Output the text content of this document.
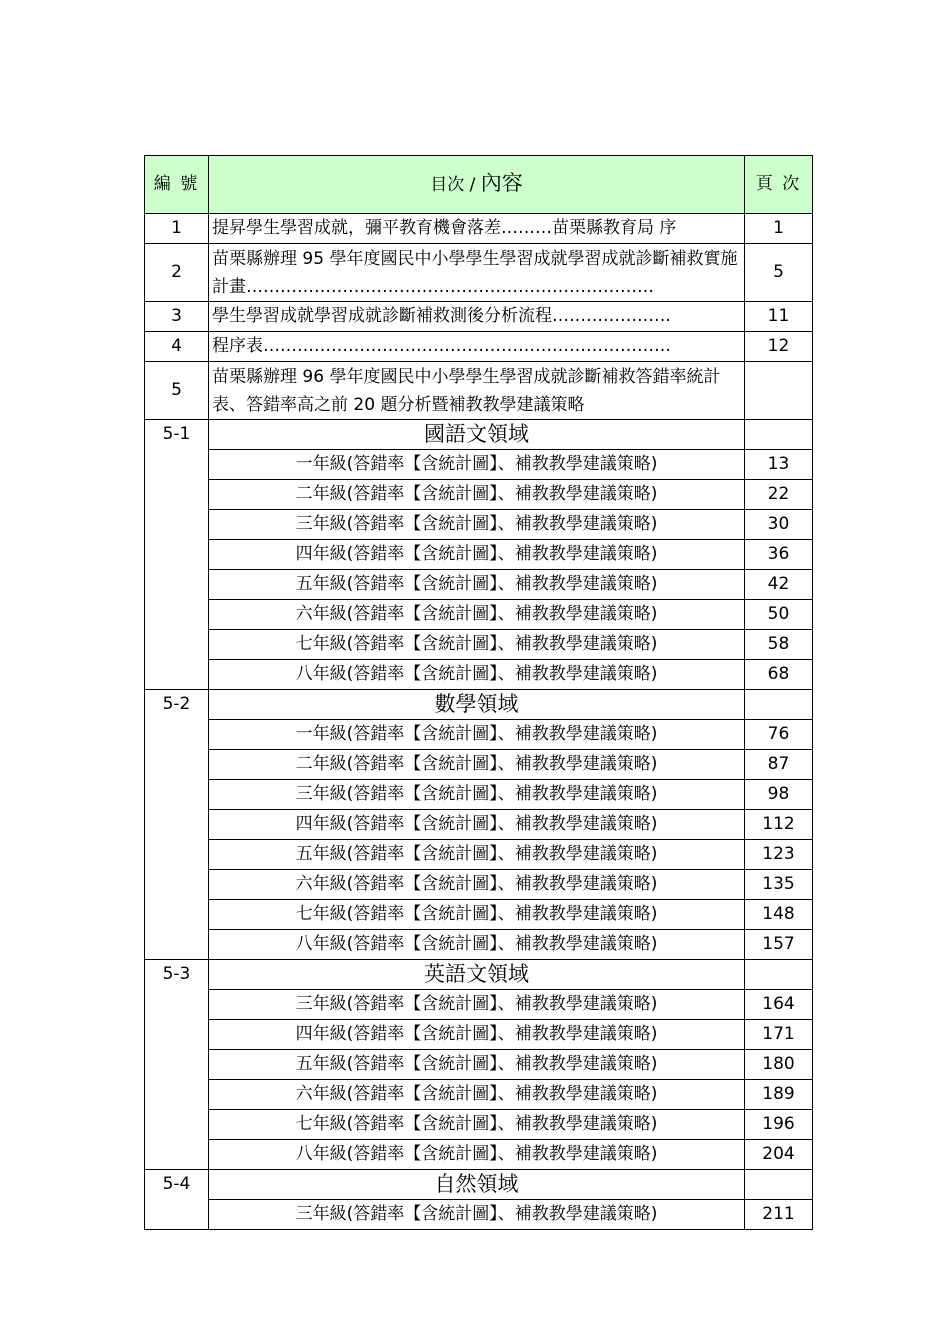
編 號	目次 / 內容	頁 次
1	提昇學生學習成就，彌平教育機會落差………苗栗縣教育局 序	1
2	苗栗縣辦理 95 學年度國民中小學學生學習成就學習成就診斷補救實施計畫………………………………………………………………	5
3	學生學習成就學習成就診斷補救測後分析流程…………………	11
4	程序表………………………………………………………………	12
5	苗栗縣辦理 96 學年度國民中小學學生學習成就診斷補救答錯率統計表、答錯率高之前 20 題分析暨補教教學建議策略	
5-1	國語文領域	
	一年級(答錯率【含統計圖】、補教教學建議策略)	13
	二年級(答錯率【含統計圖】、補教教學建議策略)	22
	三年級(答錯率【含統計圖】、補教教學建議策略)	30
	四年級(答錯率【含統計圖】、補教教學建議策略)	36
	五年級(答錯率【含統計圖】、補教教學建議策略)	42
	六年級(答錯率【含統計圖】、補教教學建議策略)	50
	七年級(答錯率【含統計圖】、補教教學建議策略)	58
	八年級(答錯率【含統計圖】、補教教學建議策略)	68
5-2	數學領域	
	一年級(答錯率【含統計圖】、補教教學建議策略)	76
	二年級(答錯率【含統計圖】、補教教學建議策略)	87
	三年級(答錯率【含統計圖】、補教教學建議策略)	98
	四年級(答錯率【含統計圖】、補教教學建議策略)	112
	五年級(答錯率【含統計圖】、補教教學建議策略)	123
	六年級(答錯率【含統計圖】、補教教學建議策略)	135
	七年級(答錯率【含統計圖】、補教教學建議策略)	148
	八年級(答錯率【含統計圖】、補教教學建議策略)	157
5-3	英語文領域	
	三年級(答錯率【含統計圖】、補教教學建議策略)	164
	四年級(答錯率【含統計圖】、補教教學建議策略)	171
	五年級(答錯率【含統計圖】、補教教學建議策略)	180
	六年級(答錯率【含統計圖】、補教教學建議策略)	189
	七年級(答錯率【含統計圖】、補教教學建議策略)	196
	八年級(答錯率【含統計圖】、補教教學建議策略)	204
5-4	自然領域	
	三年級(答錯率【含統計圖】、補教教學建議策略)	211
